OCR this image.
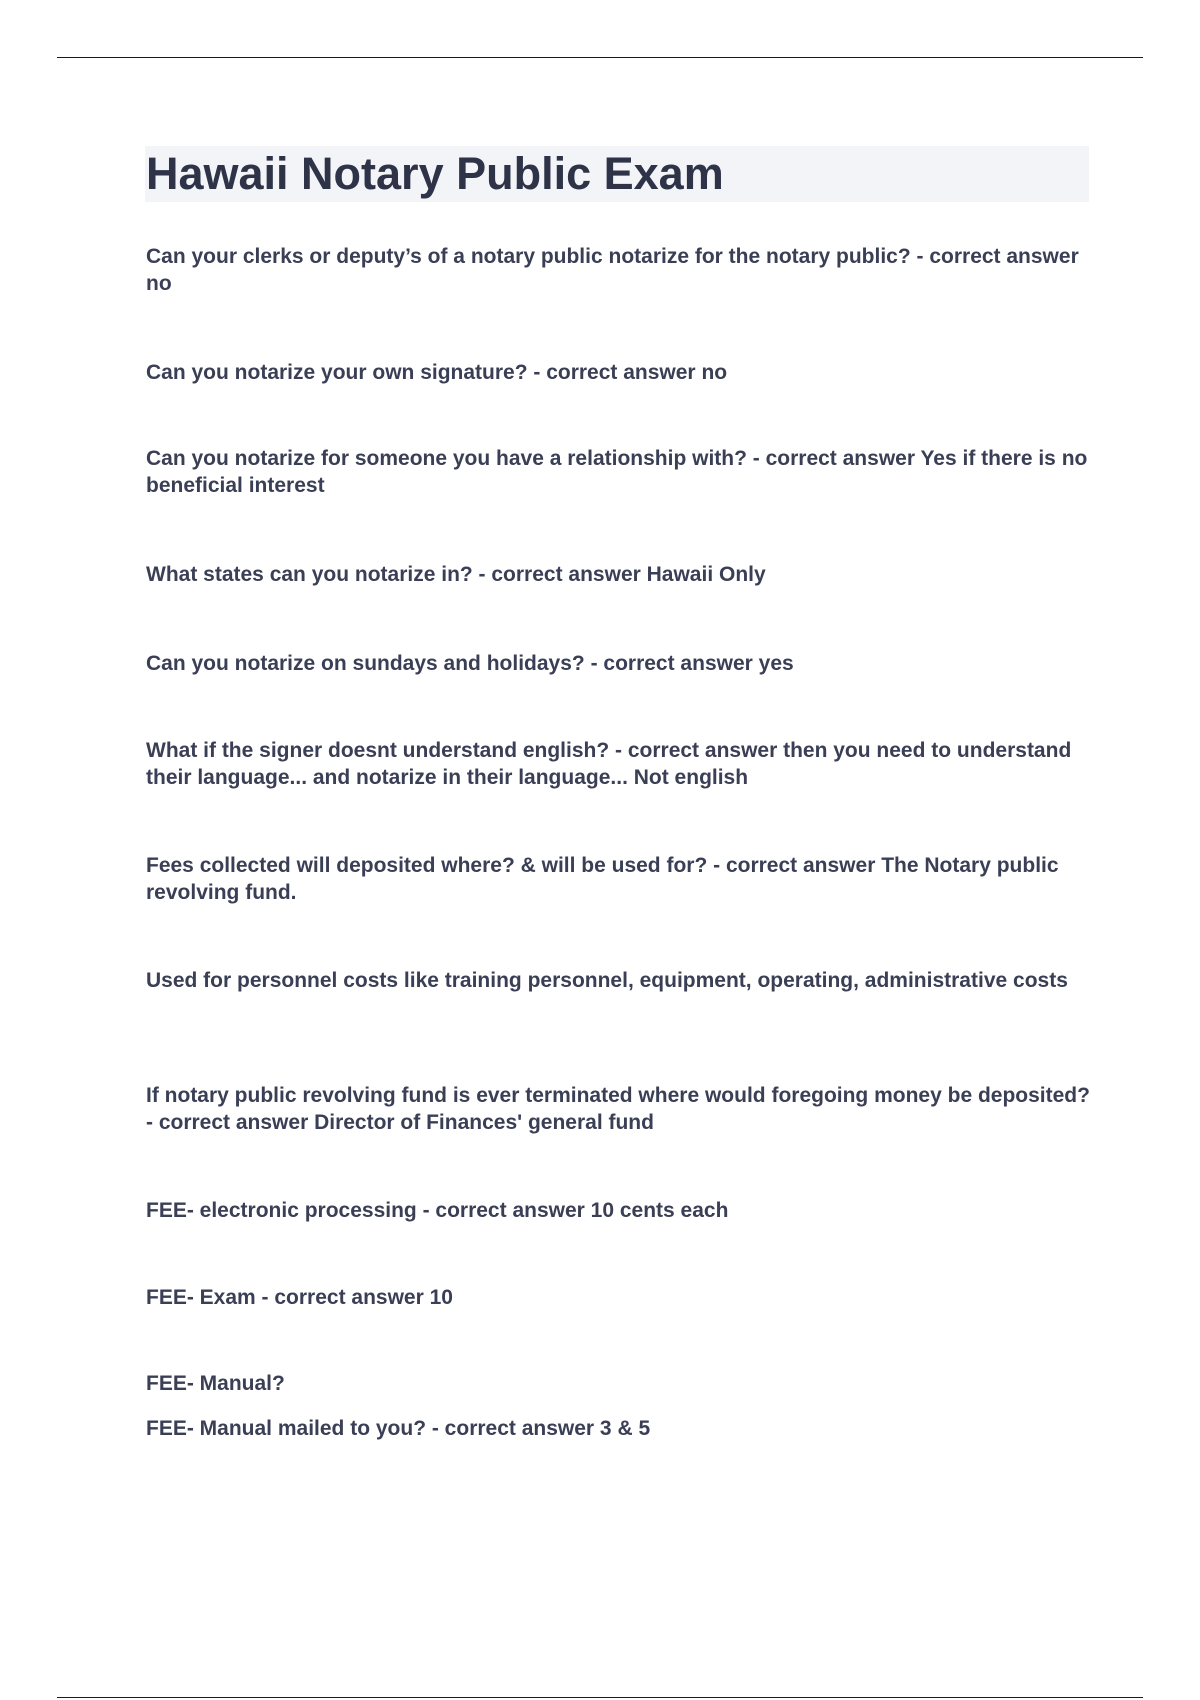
Hawaii Notary Public Exam

Can your clerks or deputy’s of a notary public notarize for the notary public? - correct answer no

Can you notarize your own signature? - correct answer no

Can you notarize for someone you have a relationship with? - correct answer Yes if there is no beneficial interest

What states can you notarize in? - correct answer Hawaii Only

Can you notarize on sundays and holidays? - correct answer yes

What if the signer doesnt understand english? - correct answer then you need to understand their language... and notarize in their language... Not english

Fees collected will deposited where? & will be used for? - correct answer The Notary public revolving fund.

Used for personnel costs like training personnel, equipment, operating, administrative costs

If notary public revolving fund is ever terminated where would foregoing money be deposited? - correct answer Director of Finances' general fund

FEE- electronic processing - correct answer 10 cents each

FEE- Exam - correct answer 10

FEE- Manual?

FEE- Manual mailed to you? - correct answer 3 & 5
